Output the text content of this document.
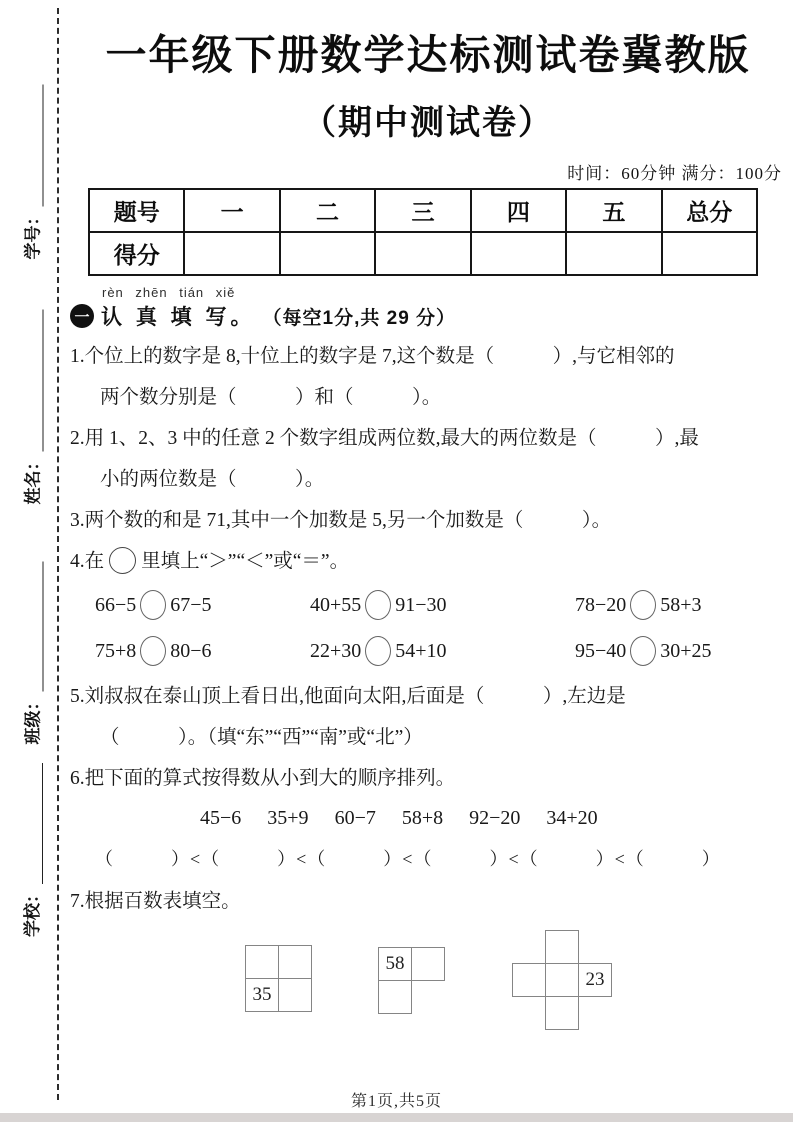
学号：
姓名：
班级：
学校：
一年级下册数学达标测试卷冀教版
（期中测试卷）
时间：60分钟 满分：100分
题号	一	二	三	四	五	总分
得分						
rèn zhēn tián xiě
一 认 真 填 写。 （每空1分,共 29 分）
1.个位上的数字是 8,十位上的数字是 7,这个数是（　　　）,与它相邻的
两个数分别是（　　　）和（　　　）。
2.用 1、2、3 中的任意 2 个数字组成两位数,最大的两位数是（　　　）,最
小的两位数是（　　　）。
3.两个数的和是 71,其中一个加数是 5,另一个加数是（　　　）。
4.在 里填上“＞”“＜”或“＝”。
66−5 67−5	40+55 91−30	78−20 58+3
75+8 80−6	22+30 54+10	95−40 30+25
5.刘叔叔在泰山顶上看日出,他面向太阳,后面是（　　　）,左边是
（　　　）。（填“东”“西”“南”或“北”）
6.把下面的算式按得数从小到大的顺序排列。
45−6 35+9 60−7 58+8 92−20 34+20
（　　　）<（　　　）<（　　　）<（　　　）<（　　　）<（　　　）
7.根据百数表填空。
35
58
23
第1页,共5页
